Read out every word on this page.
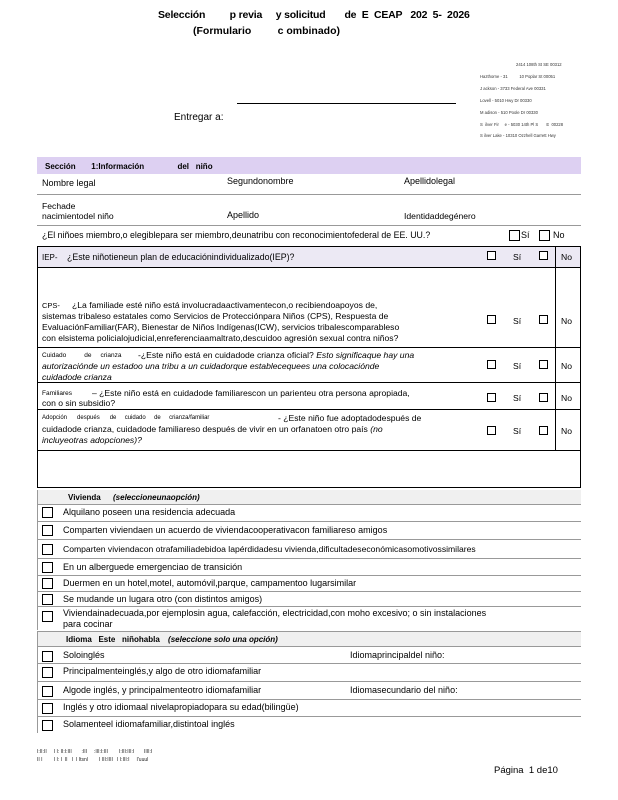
Selección         p revia     y solicitud       de  E  CEAP   202  5-  2026
(Formulario         c ombinado)
2414 108th St SE 00312
Hazthorne - 31          10 Poplar St 00051
J ackson - 3733 Federal Ave 00331
Lovell - 5010 Hwy Dr 00330
M adison - 510 Poole Dr 00330
S  ilver Fir     e - 5030 14th Pl S       E  00228
S ilver Lake - 10310 Ozzhell Garrett Hwy
Entregar a:
Sección       1:Información               del   niño
Nombre legal	Segundonombre	Apellidolegal
Fechade
nacimientodel niño	Apellido	Identidaddegénero
¿El niñoes miembro,o elegiblepara ser miembro,deunatribu con reconocimientofederal de EE. UU.?	Sí	No
IEP- ¿Este niñotieneun plan de educaciónindividualizado(IEP)?	Sí	No
CPS- ¿La familiade esté niño está involucradaactivamentecon,o recibiendoapoyos de,
sistemas tribaleso estatales como Servicios de Protecciónpara Niños (CPS), Respuesta de
EvaluaciónFamiliar(FAR), Bienestar de Niños Indígenas(ICW), servicios tribalescomparableso
con elsistema policialojudicial,enreferenciaamaltrato,descuidoo agresión sexual contra niños?
Sí	No
Cuidado          de     crianza -¿Este niño está en cuidadode crianza oficial? Esto significaque hay una
autorizaciónde un estadoo una tribu a un cuidadorque establecequees una colocaciónde
cuidadode crianza
Sí	No
Familiares – ¿Este niño está en cuidadode familiarescon un parienteu otra persona apropiada,
con o sin subsidio?	Sí	No
Adopción      después      de     cuidado     de     crianza/familiar	- ¿Este niño fue adoptadodespués de
cuidadode crianza, cuidadode familiareso después de vivir en un orfanatoen otro país (no
incluyeotras adopciones)?
Sí	No
Vivienda (seleccioneunaopción)
Alquilano poseen una residencia adecuada
Comparten viviendaen un acuerdo de viviendacooperativacon familiareso amigos
Comparten viviendacon otrafamiliadebidoa lapérdidadesu vivienda,dificultadeseconómicasomotivossimilares
En un alberguede emergenciao de transición
Duermen en un hotel,motel, automóvil,parque, campamentoo lugarsimilar
Se mudande un lugara otro (con distintos amigos)
Viviendainadecuada,por ejemplosin agua, calefacción, electricidad,con moho excesivo; o sin instalaciones
para cocinar
Idioma   Este   niñohabla (seleccione solo una opción)
Soloinglés	Idiomaprincipaldel niño:
Principalmenteinglés,y algo de otro idiomafamiliar
Algode inglés, y principalmenteotro idiomafamiliar	Idiomasecundario del niño:
Inglés y otro idiomaal nivelapropiadopara su edad(bilingüe)
Solamenteel idiomafamiliar,distintoal inglés
I:II:II     I I: II:I:III       :III     :III:I:III        I:III:III:I       IIII:I
II I        I I: I  II   I  I Itsnl        I III:IIII   I I:III:I     I'uuul
Página  1 de10
